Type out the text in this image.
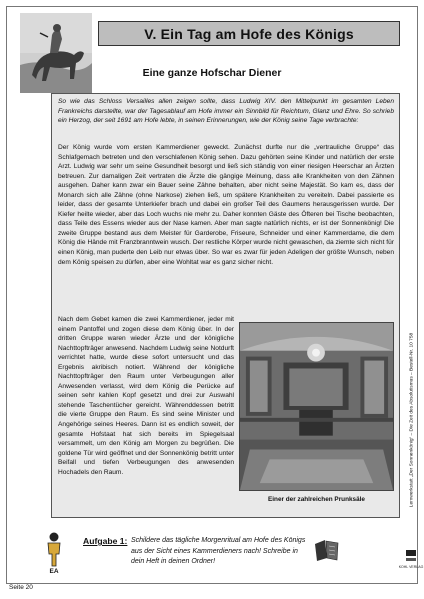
V. Ein Tag am Hofe des Königs
Eine ganze Hofschar Diener
So wie das Schloss Versailles allen zeigen sollte, dass Ludwig XIV. den Mittelpunkt im gesamten Leben Frankreichs darstellte, war der Tagesablauf am Hofe immer ein Sinnbild für Reichtum, Glanz und Ehre. So schrieb ein Herzog, der seit 1691 am Hofe lebte, in seinen Erinnerungen, wie der König seine Tage verbrachte:
Der König wurde vom ersten Kammerdiener geweckt. Zunächst durfte nur die „vertrauliche Gruppe“ das Schlafgemach betreten und den verschlafenen König sehen. Dazu gehörten seine Kinder und natürlich der erste Arzt. Ludwig war sehr um seine Gesundheit besorgt und ließ sich ständig von einer riesigen Heerschar an Ärzten betreuen. Zur damaligen Zeit vertraten die Ärzte die gängige Meinung, dass alle Krankheiten von den Zähnen ausgehen. Daher kann zwar ein Bauer seine Zähne behalten, aber nicht seine Majestät. So kam es, dass der Monarch sich alle Zähne (ohne Narkose) ziehen ließ, um spätere Krankheiten zu vereiteln. Dabei passierte es leider, dass der gesamte Unterkiefer brach und dabei ein großer Teil des Gaumens herausgerissen wurde. Der Kiefer heilte wieder, aber das Loch wuchs nie mehr zu. Daher konnten Gäste des Öfteren bei Tische beobachten, dass Teile des Essens wieder aus der Nase kamen. Aber man sagte natürlich nichts, er ist der Sonnenkönig! Die zweite Gruppe bestand aus dem Meister für Garderobe, Friseure, Schneider und einer Kammerdame, die dem König die Hände mit Franzbranntwein wusch. Der restliche Körper wurde nicht gewaschen, da ziemte sich nicht für einen König, man puderte den Leib nur etwas über. So war es zwar für jeden Adeligen der größte Wunsch, neben dem König speisen zu dürfen, aber eine Wohltat war es ganz sicher nicht.
Nach dem Gebet kamen die zwei Kammerdiener, jeder mit einem Pantoffel und zogen diese dem König über. In der dritten Gruppe waren wieder Ärzte und der königliche Nachttopfträger anwesend. Nachdem Ludwig seine Notdurft verrichtet hatte, wurde diese sofort untersucht und das Ergebnis akribisch notiert. Während der königliche Nachttopfträger den Raum unter Verbeugungen aller Anwesenden verlasst, wird dem König die Perücke auf seinen sehr kahlen Kopf gesetzt und drei zur Auswahl stehende Taschentücher gereicht. Währenddessen betritt die vierte Gruppe den Raum. Es sind seine Minister und Angehörige seines Heeres. Dann ist es endlich soweit, der gesamte Hofstaat hat sich bereits im Spiegelsaal versammelt, um den König am Morgen zu begrüßen. Die goldene Tür wird geöffnet und der Sonnenkönig betritt unter Beifall und tiefen Verbeugungen des anwesenden Hochadels den Raum.
Einer der zahlreichen Prunksäle	Lernwerkstatt „Der Sonnenkönig“ – Die Zeit des Absolutismus – Bestell-Nr. 10 758
KOHL VERLAG
EA
Aufgabe 1: Schildere das tägliche Morgenritual am Hofe des Königs aus der Sicht eines Kammerdieners nach! Schreibe in dein Heft in deinen Ordner!
Seite 20
